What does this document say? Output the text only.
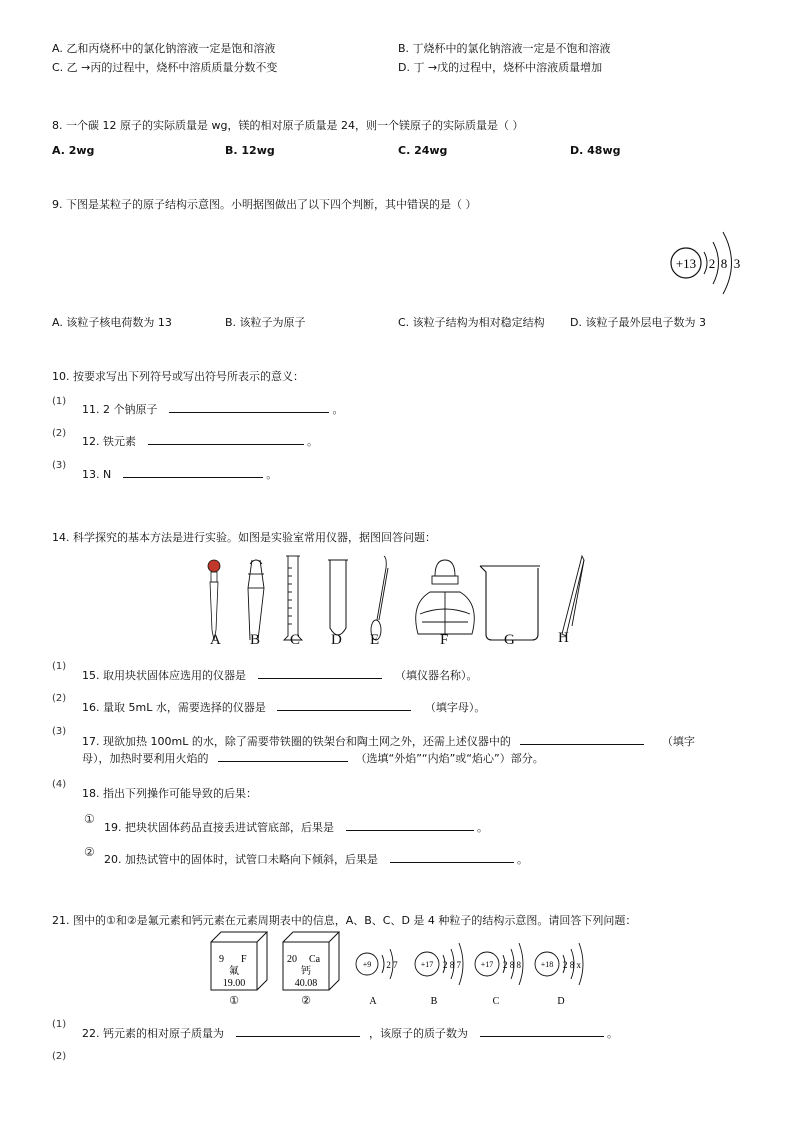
A. 乙和丙烧杯中的氯化钠溶液一定是饱和溶液	B. 丁烧杯中的氯化钠溶液一定是不饱和溶液
C. 乙 →丙的过程中，烧杯中溶质质量分数不变	D. 丁 →戊的过程中，烧杯中溶液质量增加
8. 一个碳 12 原子的实际质量是 wg，镁的相对原子质量是 24，则一个镁原子的实际质量是（ ）
A. 2wg	B. 12wg	C. 24wg	D. 48wg
9. 下图是某粒子的原子结构示意图。小明据图做出了以下四个判断，其中错误的是（ ）
+13 2 8 3
A. 该粒子核电荷数为 13	B. 该粒子为原子	C. 该粒子结构为相对稳定结构 D. 该粒子最外层电子数为 3
10. 按要求写出下列符号或写出符号所表示的意义：
(1)
11. 2 个钠原子	。
(2)
12. 铁元素	。
(3)
13. N	。
14. 科学探究的基本方法是进行实验。如图是实验室常用仪器，据图回答问题：
A B C D E	F	G	H
(1)
15. 取用块状固体应选用的仪器是	（填仪器名称）。
(2)
16. 量取 5mL 水，需要选择的仪器是	（填字母）。
(3)
17. 现欲加热 100mL 的水，除了需要带铁圈的铁架台和陶土网之外，还需上述仪器中的	（填字
母），加热时要利用火焰的	（选填“外焰”“内焰”或“焰心”）部分。
(4)
18. 指出下列操作可能导致的后果：
①
19. 把块状固体药品直接丢进试管底部，后果是	。
②
20. 加热试管中的固体时，试管口未略向下倾斜，后果是	。
21. 图中的①和②是氟元素和钙元素在元素周期表中的信息，A、B、C、D 是 4 种粒子的结构示意图。请回答下列问题：
9 F
氟
19.00
①
20 Ca
钙
40.08
②
+9 2 7
A
+17 2 8 7
B
+17 2 8 8
C
+18 2 8 x
D
(1)
22. 钙元素的相对原子质量为	，该原子的质子数为	。
(2)
